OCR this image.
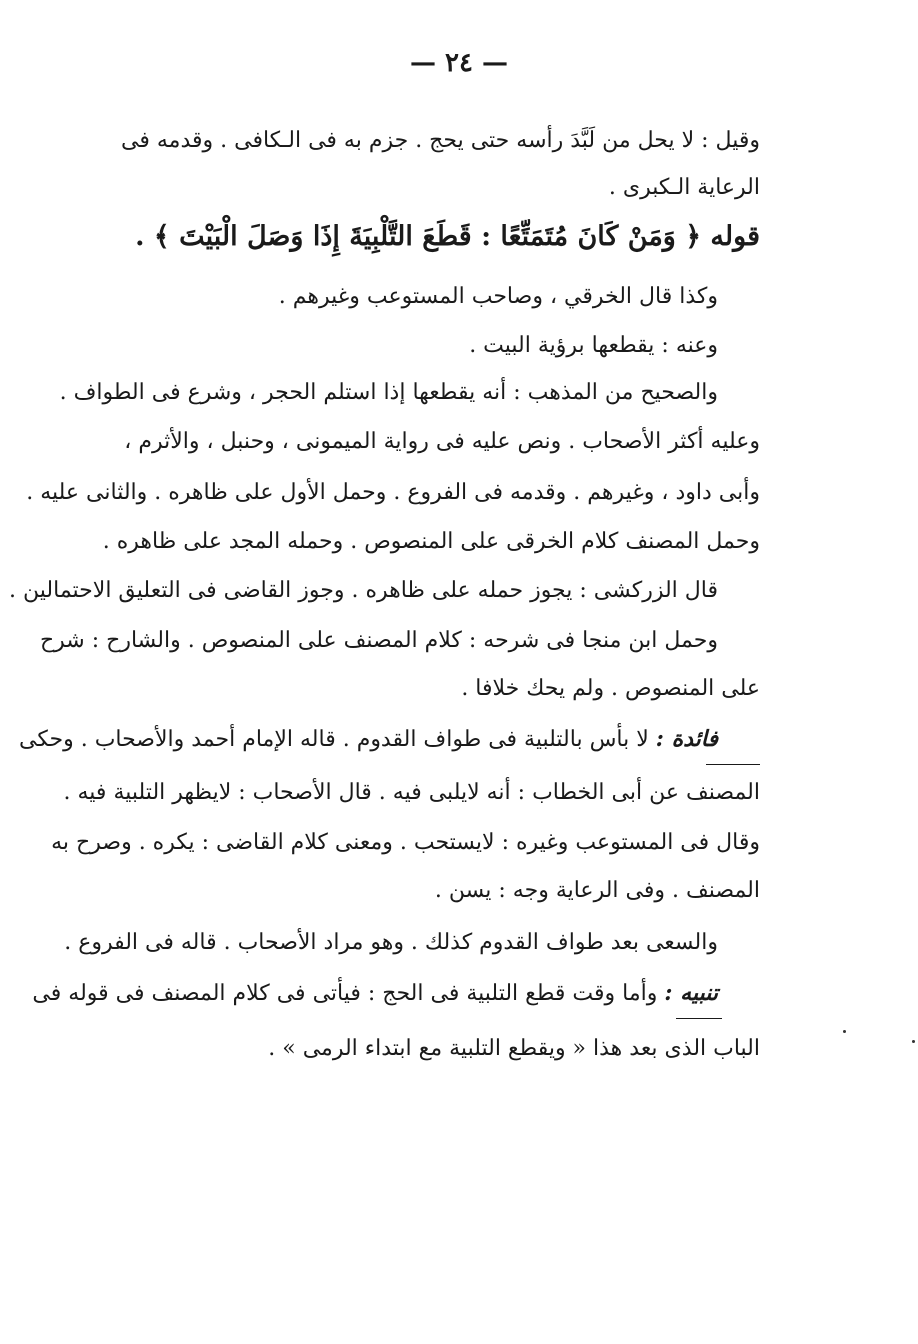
— ٢٤ —
وقيل : لا يحل من لَبَّدَ رأسه حتى يحج . جزم به فى الـكافى . وقدمه فى
الرعاية الـكبرى .
قوله ﴿ وَمَنْ كَانَ مُتَمَتِّعًا : قَطَعَ التَّلْبِيَةَ إِذَا وَصَلَ الْبَيْتَ ﴾ .
وكذا قال الخرقي ، وصاحب المستوعب وغيرهم .
وعنه : يقطعها برؤية البيت .
والصحيح من المذهب : أنه يقطعها إذا استلم الحجر ، وشرع فى الطواف .
وعليه أكثر الأصحاب . ونص عليه فى رواية الميمونى ، وحنبل ، والأثرم ،
وأبى داود ، وغيرهم . وقدمه فى الفروع . وحمل الأول على ظاهره . والثانى عليه .
وحمل المصنف كلام الخرقى على المنصوص . وحمله المجد على ظاهره .
قال الزركشى : يجوز حمله على ظاهره . وجوز القاضى فى التعليق الاحتمالين .
وحمل ابن منجا فى شرحه : كلام المصنف على المنصوص . والشارح : شرح
على المنصوص . ولم يحك خلافا .
فائدة : لا بأس بالتلبية فى طواف القدوم . قاله الإمام أحمد والأصحاب . وحكى
المصنف عن أبى الخطاب : أنه لايلبى فيه . قال الأصحاب : لايظهر التلبية فيه .
وقال فى المستوعب وغيره : لايستحب . ومعنى كلام القاضى : يكره . وصرح به
المصنف . وفى الرعاية وجه : يسن .
والسعى بعد طواف القدوم كذلك . وهو مراد الأصحاب . قاله فى الفروع .
تنبيه : وأما وقت قطع التلبية فى الحج : فيأتى فى كلام المصنف فى قوله فى
الباب الذى بعد هذا « ويقطع التلبية مع ابتداء الرمى » .
